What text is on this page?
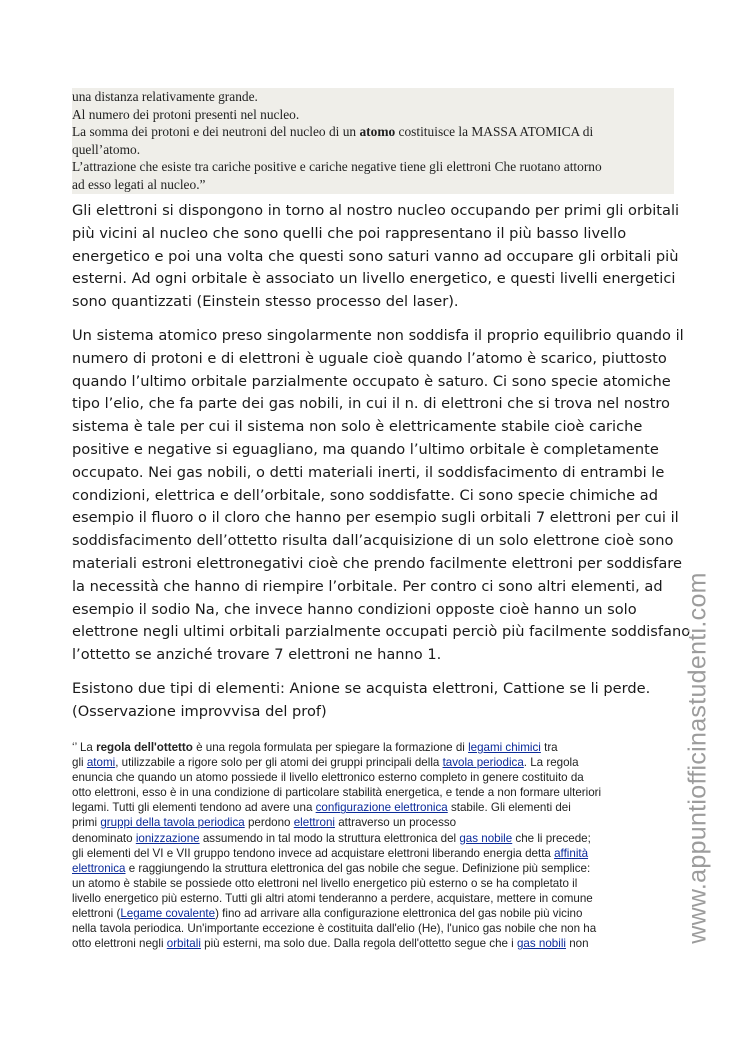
una distanza relativamente grande.
Al numero dei protoni presenti nel nucleo.
La somma dei protoni e dei neutroni del nucleo di un atomo costituisce la MASSA ATOMICA di
quell’atomo.
L’attrazione che esiste tra cariche positive e cariche negative tiene gli elettroni Che ruotano attorno
ad esso legati al nucleo.”

Gli elettroni si dispongono in torno al nostro nucleo occupando per primi gli orbitali
più vicini al nucleo che sono quelli che poi rappresentano il più basso livello
energetico e poi una volta che questi sono saturi vanno ad occupare gli orbitali più
esterni. Ad ogni orbitale è associato un livello energetico, e questi livelli energetici
sono quantizzati (Einstein stesso processo del laser).

Un sistema atomico preso singolarmente non soddisfa il proprio equilibrio quando il
numero di protoni e di elettroni è uguale cioè quando l’atomo è scarico, piuttosto
quando l’ultimo orbitale parzialmente occupato è saturo. Ci sono specie atomiche
tipo l’elio, che fa parte dei gas nobili, in cui il n. di elettroni che si trova nel nostro
sistema è tale per cui il sistema non solo è elettricamente stabile cioè cariche
positive e negative si eguagliano, ma quando l’ultimo orbitale è completamente
occupato. Nei gas nobili, o detti materiali inerti, il soddisfacimento di entrambi le
condizioni, elettrica e dell’orbitale, sono soddisfatte. Ci sono specie chimiche ad
esempio il fluoro o il cloro che hanno per esempio sugli orbitali 7 elettroni per cui il
soddisfacimento dell’ottetto risulta dall’acquisizione di un solo elettrone cioè sono
materiali estroni elettronegativi cioè che prendo facilmente elettroni per soddisfare
la necessità che hanno di riempire l’orbitale. Per contro ci sono altri elementi, ad
esempio il sodio Na, che invece hanno condizioni opposte cioè hanno un solo
elettrone negli ultimi orbitali parzialmente occupati perciò più facilmente soddisfano
l’ottetto se anziché trovare 7 elettroni ne hanno 1.

Esistono due tipi di elementi: Anione se acquista elettroni, Cattione se li perde.
(Osservazione improvvisa del prof)

‘’ La regola dell'ottetto è una regola formulata per spiegare la formazione di legami chimici tra
gli atomi, utilizzabile a rigore solo per gli atomi dei gruppi principali della tavola periodica. La regola
enuncia che quando un atomo possiede il livello elettronico esterno completo in genere costituito da
otto elettroni, esso è in una condizione di particolare stabilità energetica, e tende a non formare ulteriori
legami. Tutti gli elementi tendono ad avere una configurazione elettronica stabile. Gli elementi dei
primi gruppi della tavola periodica perdono elettroni attraverso un processo
denominato ionizzazione assumendo in tal modo la struttura elettronica del gas nobile che li precede;
gli elementi del VI e VII gruppo tendono invece ad acquistare elettroni liberando energia detta affinità
elettronica e raggiungendo la struttura elettronica del gas nobile che segue. Definizione più semplice:
un atomo è stabile se possiede otto elettroni nel livello energetico più esterno o se ha completato il
livello energetico più esterno. Tutti gli altri atomi tenderanno a perdere, acquistare, mettere in comune
elettroni (Legame covalente) fino ad arrivare alla configurazione elettronica del gas nobile più vicino
nella tavola periodica. Un'importante eccezione è costituita dall'elio (He), l'unico gas nobile che non ha
otto elettroni negli orbitali più esterni, ma solo due. Dalla regola dell'ottetto segue che i gas nobili non	www.appuntiofficinastudenti.com
